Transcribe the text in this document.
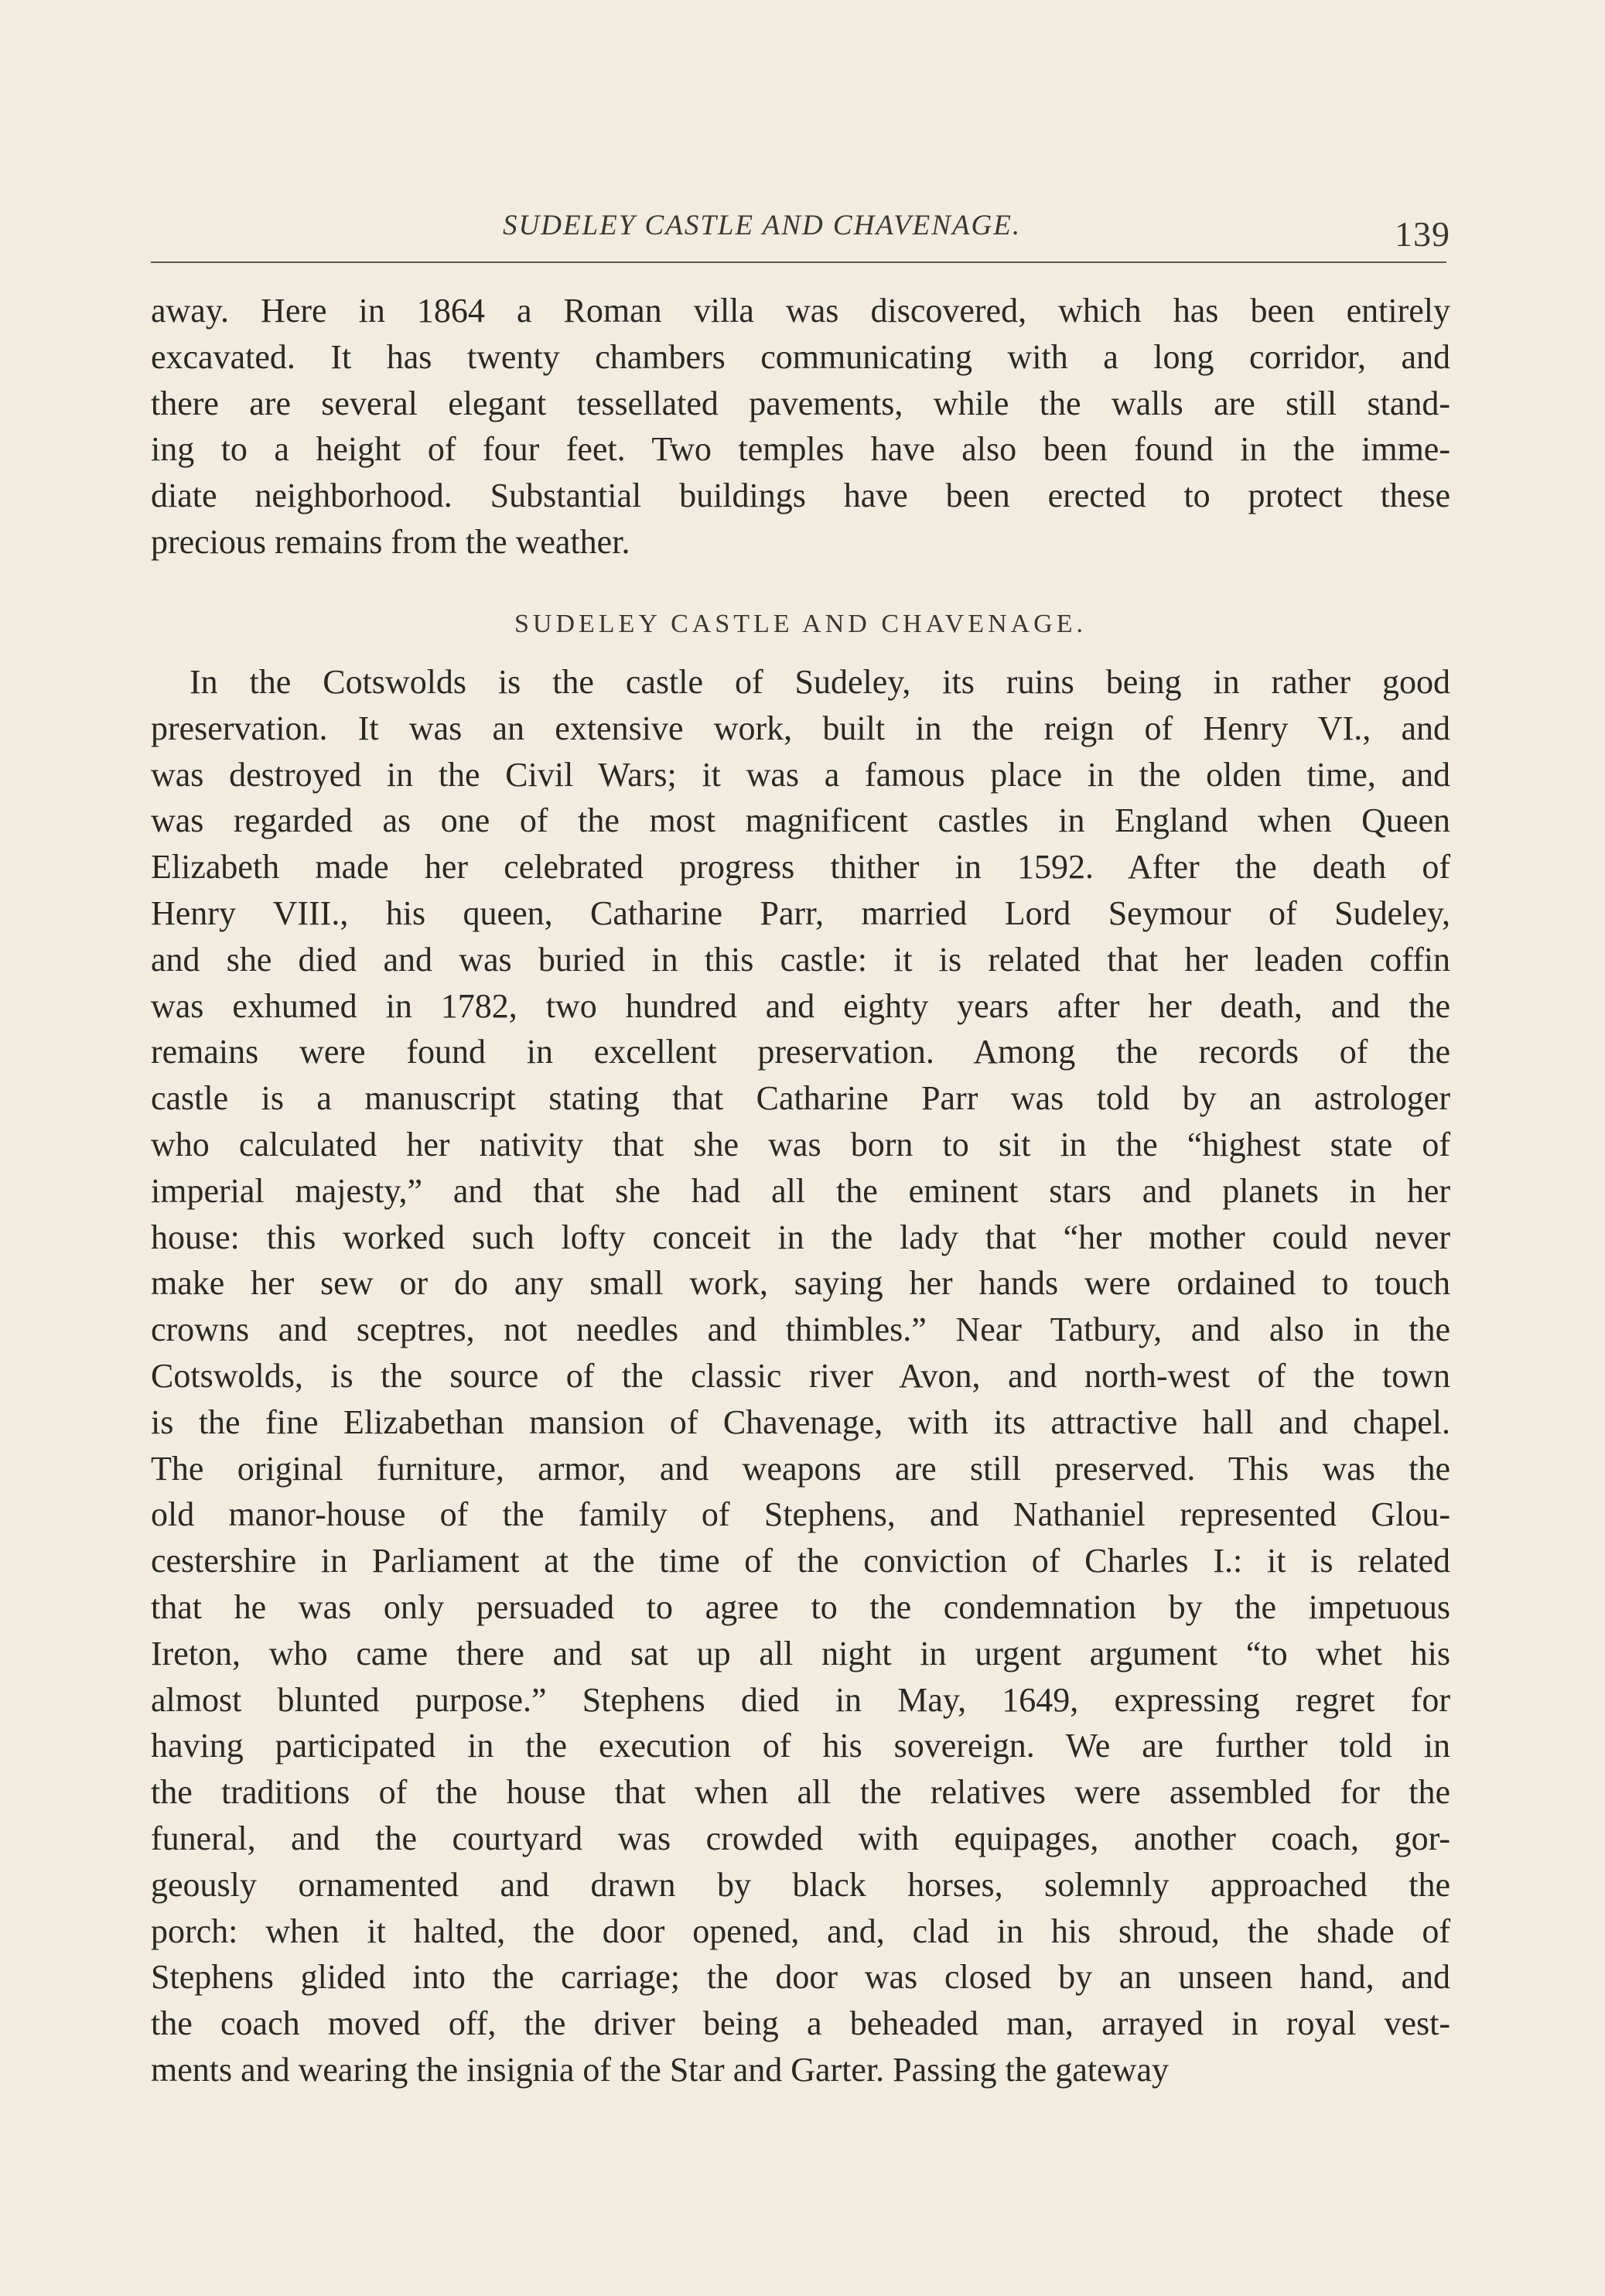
SUDELEY CASTLE AND CHAVENAGE.	139
away. Here in 1864 a Roman villa was discovered, which has been entirely
excavated. It has twenty chambers communicating with a long corridor, and
there are several elegant tessellated pavements, while the walls are still stand-
ing to a height of four feet. Two temples have also been found in the imme-
diate neighborhood. Substantial buildings have been erected to protect these
precious remains from the weather.
SUDELEY CASTLE AND CHAVENAGE.
In the Cotswolds is the castle of Sudeley, its ruins being in rather good
preservation. It was an extensive work, built in the reign of Henry VI., and
was destroyed in the Civil Wars; it was a famous place in the olden time, and
was regarded as one of the most magnificent castles in England when Queen
Elizabeth made her celebrated progress thither in 1592. After the death of
Henry VIII., his queen, Catharine Parr, married Lord Seymour of Sudeley,
and she died and was buried in this castle: it is related that her leaden coffin
was exhumed in 1782, two hundred and eighty years after her death, and the
remains were found in excellent preservation. Among the records of the
castle is a manuscript stating that Catharine Parr was told by an astrologer
who calculated her nativity that she was born to sit in the “highest state of
imperial majesty,” and that she had all the eminent stars and planets in her
house: this worked such lofty conceit in the lady that “her mother could never
make her sew or do any small work, saying her hands were ordained to touch
crowns and sceptres, not needles and thimbles.” Near Tatbury, and also in the
Cotswolds, is the source of the classic river Avon, and north-west of the town
is the fine Elizabethan mansion of Chavenage, with its attractive hall and chapel.
The original furniture, armor, and weapons are still preserved. This was the
old manor-house of the family of Stephens, and Nathaniel represented Glou-
cestershire in Parliament at the time of the conviction of Charles I.: it is related
that he was only persuaded to agree to the condemnation by the impetuous
Ireton, who came there and sat up all night in urgent argument “to whet his
almost blunted purpose.” Stephens died in May, 1649, expressing regret for
having participated in the execution of his sovereign. We are further told in
the traditions of the house that when all the relatives were assembled for the
funeral, and the courtyard was crowded with equipages, another coach, gor-
geously ornamented and drawn by black horses, solemnly approached the
porch: when it halted, the door opened, and, clad in his shroud, the shade of
Stephens glided into the carriage; the door was closed by an unseen hand, and
the coach moved off, the driver being a beheaded man, arrayed in royal vest-
ments and wearing the insignia of the Star and Garter. Passing the gateway
